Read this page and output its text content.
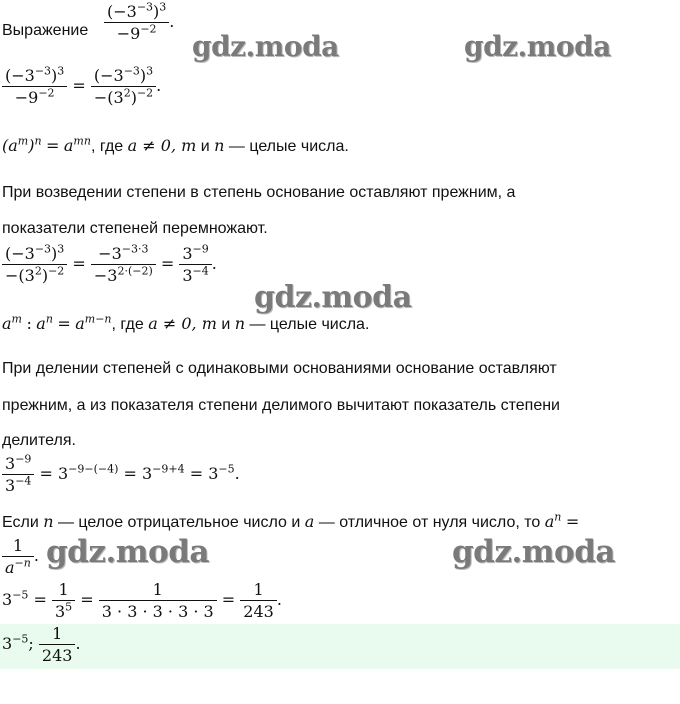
Выражение $\frac{(-3^{-3})^3}{-9^{-2}}$ .
gdz.moda	gdz.moda
$\frac{(-3^{-3})^3}{-9^{-2}} = \frac{(-3^{-3})^3}{-(3^2)^{-2}}$ .
$(a^m)^n = a^{mn}$, где a ≠ 0, m и n — целые числа.
При возведении степени в степень основание оставляют прежним, а
показатели степеней перемножают.
$\frac{(-3^{-3})^3}{-(3^2)^{-2}} = \frac{-3^{-3\cdot 3}}{-3^{2\cdot(-2)}} = \frac{3^{-9}}{3^{-4}}$ .
gdz.moda
$a^m$ : $a^n = a^{m-n}$, где a ≠ 0, m и n — целые числа.
При делении степеней с одинаковыми основаниями основание оставляют
прежним, а из показателя степени делимого вычитают показатель степени
делителя.
$\frac{3^{-9}}{3^{-4}} = 3^{-9-(-4)} = 3^{-9+4} = 3^{-5}$.
Если n — целое отрицательное число и a — отличное от нуля число, то $a^n$ =
$\frac{1}{a^{-n}}$ . gdz.moda	gdz.moda
$3^{-5} = \frac{1}{3^5} = \frac{1}{3 \cdot 3 \cdot 3 \cdot 3 \cdot 3} = \frac{1}{243}$ .
$3^{-5}$; $\frac{1}{243}$ .
